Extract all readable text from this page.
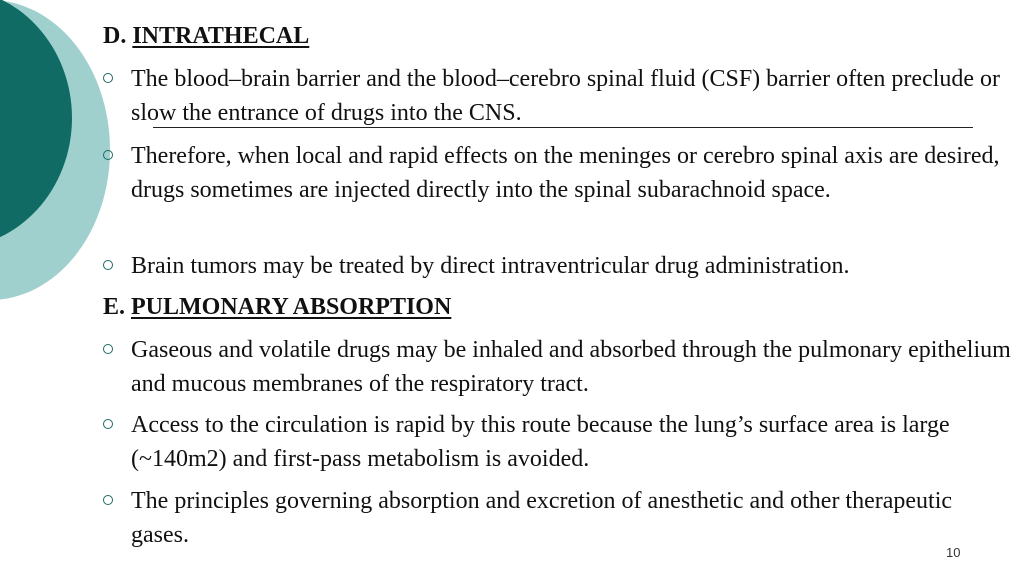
D. INTRATHECAL
The blood–brain barrier and the blood–cerebro spinal fluid (CSF) barrier often preclude or slow the entrance of drugs into the CNS.
Therefore, when local and rapid effects on the meninges or cerebro spinal axis are desired, drugs sometimes are injected directly into the spinal subarachnoid space.
Brain tumors may be treated by direct intraventricular drug administration.
E. PULMONARY ABSORPTION
Gaseous and volatile drugs may be inhaled and absorbed through the pulmonary epithelium and mucous membranes of the respiratory tract.
Access to the circulation is rapid by this route because the lung’s surface area is large (~140m2) and first-pass metabolism is avoided.
The principles governing absorption and excretion of anesthetic and other therapeutic gases.
10
